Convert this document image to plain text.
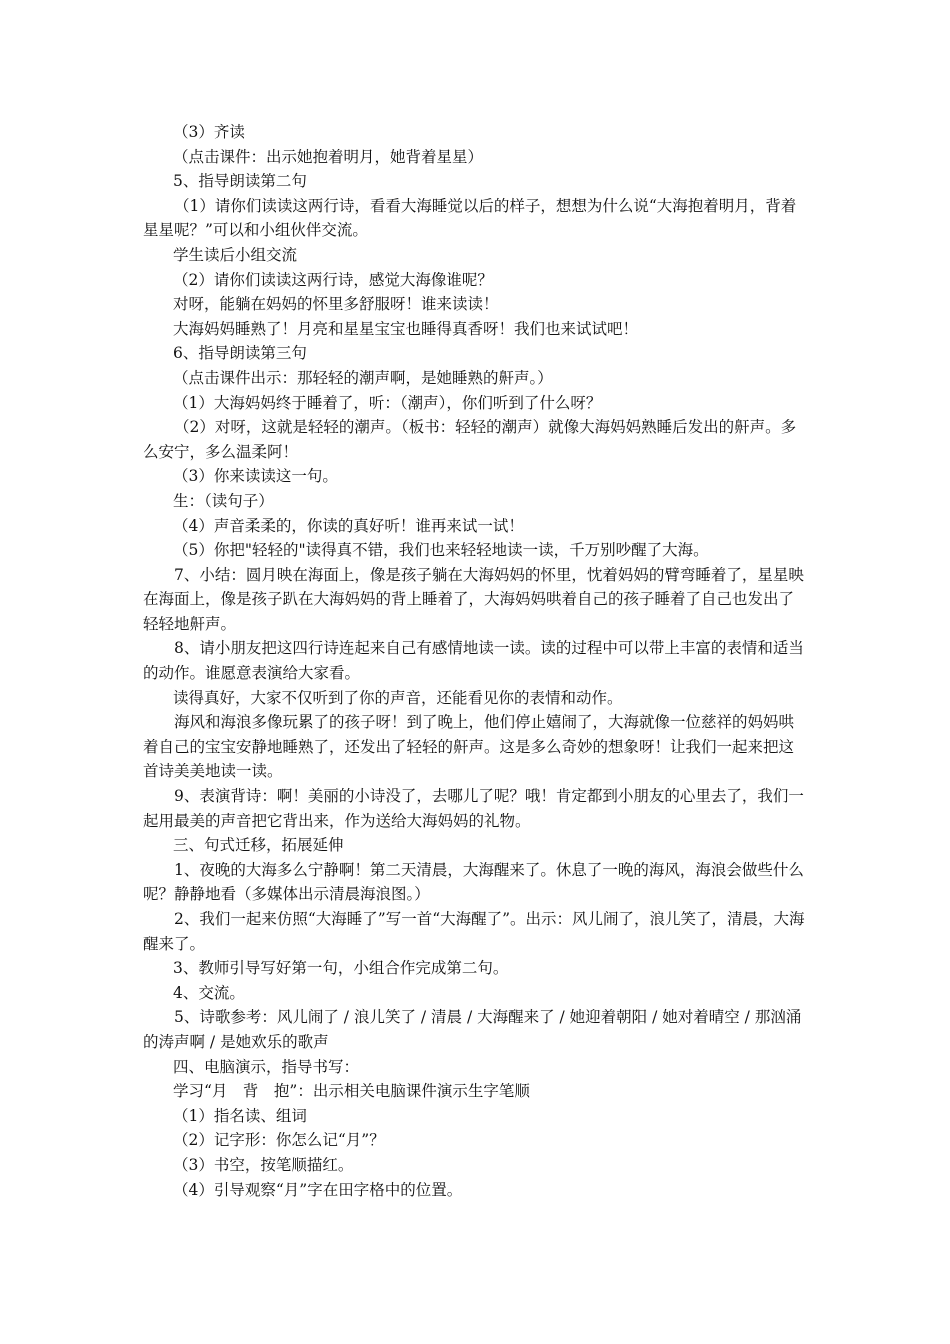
（3）齐读

（点击课件：出示她抱着明月，她背着星星）

5、指导朗读第二句

（1）请你们读读这两行诗，看看大海睡觉以后的样子，想想为什么说“大海抱着明月，背着星星呢？”可以和小组伙伴交流。

学生读后小组交流

（2）请你们读读这两行诗，感觉大海像谁呢？

对呀，能躺在妈妈的怀里多舒服呀！谁来读读！

大海妈妈睡熟了！月亮和星星宝宝也睡得真香呀！我们也来试试吧！

6、指导朗读第三句

（点击课件出示：那轻轻的潮声啊，是她睡熟的鼾声。）

（1）大海妈妈终于睡着了，听：（潮声），你们听到了什么呀？

（2）对呀，这就是轻轻的潮声。（板书：轻轻的潮声）就像大海妈妈熟睡后发出的鼾声。多么安宁，多么温柔阿！

（3）你来读读这一句。

生：（读句子）

（4）声音柔柔的，你读的真好听！谁再来试一试！

（5）你把"轻轻的"读得真不错，我们也来轻轻地读一读，千万别吵醒了大海。

7、小结：圆月映在海面上，像是孩子躺在大海妈妈的怀里，忱着妈妈的臂弯睡着了，星星映在海面上，像是孩子趴在大海妈妈的背上睡着了，大海妈妈哄着自己的孩子睡着了自己也发出了轻轻地鼾声。

8、请小朋友把这四行诗连起来自己有感情地读一读。读的过程中可以带上丰富的表情和适当的动作。谁愿意表演给大家看。

读得真好，大家不仅听到了你的声音，还能看见你的表情和动作。

海风和海浪多像玩累了的孩子呀！到了晚上，他们停止嬉闹了，大海就像一位慈祥的妈妈哄着自己的宝宝安静地睡熟了，还发出了轻轻的鼾声。这是多么奇妙的想象呀！让我们一起来把这首诗美美地读一读。

9、表演背诗：啊！美丽的小诗没了，去哪儿了呢？哦！肯定都到小朋友的心里去了，我们一起用最美的声音把它背出来，作为送给大海妈妈的礼物。

三、句式迁移，拓展延伸

1、夜晚的大海多么宁静啊！第二天清晨，大海醒来了。休息了一晚的海风，海浪会做些什么呢？静静地看（多媒体出示清晨海浪图。）

2、我们一起来仿照“大海睡了”写一首“大海醒了”。出示：风儿闹了，浪儿笑了，清晨，大海醒来了。

3、教师引导写好第一句，小组合作完成第二句。

4、交流。

5、诗歌参考：风儿闹了 / 浪儿笑了 / 清晨 / 大海醒来了 / 她迎着朝阳 / 她对着晴空 / 那汹涌的涛声啊 / 是她欢乐的歌声

四、电脑演示，指导书写：

学习“月　背　抱”：出示相关电脑课件演示生字笔顺

（1）指名读、组词

（2）记字形：你怎么记“月”？

（3）书空，按笔顺描红。

（4）引导观察“月”字在田字格中的位置。
